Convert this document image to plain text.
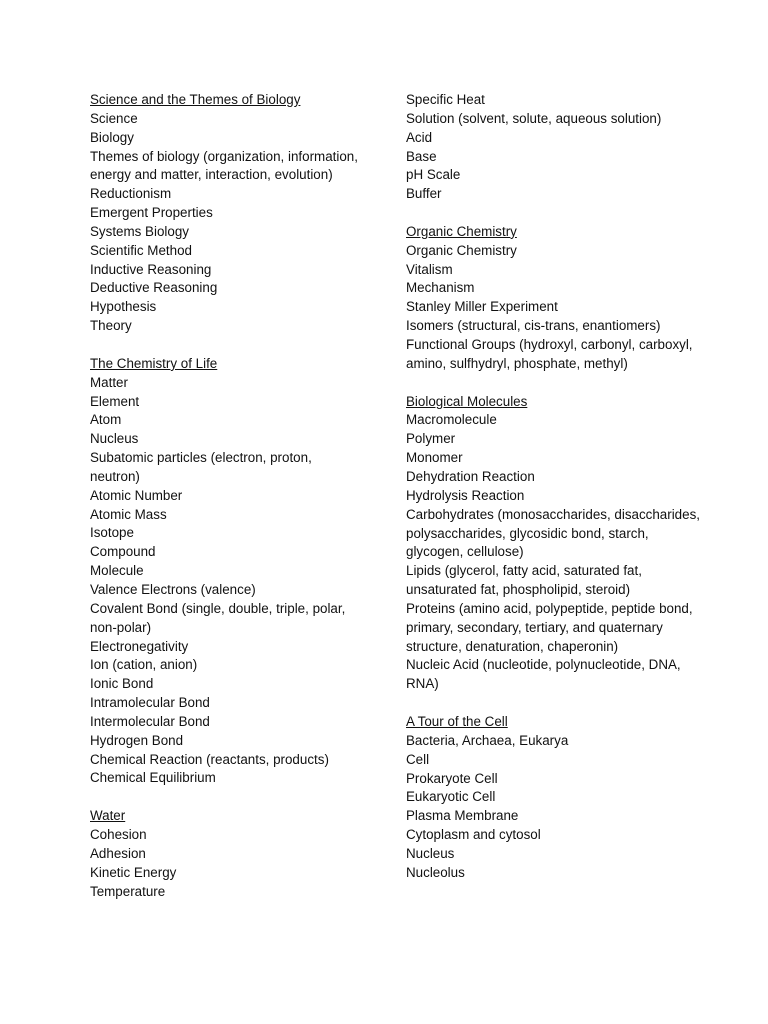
Science and the Themes of Biology
Science
Biology
Themes of biology (organization, information, energy and matter, interaction, evolution)
Reductionism
Emergent Properties
Systems Biology
Scientific Method
Inductive Reasoning
Deductive Reasoning
Hypothesis
Theory
The Chemistry of Life
Matter
Element
Atom
Nucleus
Subatomic particles (electron, proton, neutron)
Atomic Number
Atomic Mass
Isotope
Compound
Molecule
Valence Electrons (valence)
Covalent Bond (single, double, triple, polar, non-polar)
Electronegativity
Ion (cation, anion)
Ionic Bond
Intramolecular Bond
Intermolecular Bond
Hydrogen Bond
Chemical Reaction (reactants, products)
Chemical Equilibrium
Water
Cohesion
Adhesion
Kinetic Energy
Temperature
Specific Heat
Solution (solvent, solute, aqueous solution)
Acid
Base
pH Scale
Buffer
Organic Chemistry
Organic Chemistry
Vitalism
Mechanism
Stanley Miller Experiment
Isomers (structural, cis-trans, enantiomers)
Functional Groups (hydroxyl, carbonyl, carboxyl, amino, sulfhydryl, phosphate, methyl)
Biological Molecules
Macromolecule
Polymer
Monomer
Dehydration Reaction
Hydrolysis Reaction
Carbohydrates (monosaccharides, disaccharides, polysaccharides, glycosidic bond, starch, glycogen, cellulose)
Lipids (glycerol, fatty acid, saturated fat, unsaturated fat, phospholipid, steroid)
Proteins (amino acid, polypeptide, peptide bond, primary, secondary, tertiary, and quaternary structure, denaturation, chaperonin)
Nucleic Acid (nucleotide, polynucleotide, DNA, RNA)
A Tour of the Cell
Bacteria, Archaea, Eukarya
Cell
Prokaryote Cell
Eukaryotic Cell
Plasma Membrane
Cytoplasm and cytosol
Nucleus
Nucleolus
